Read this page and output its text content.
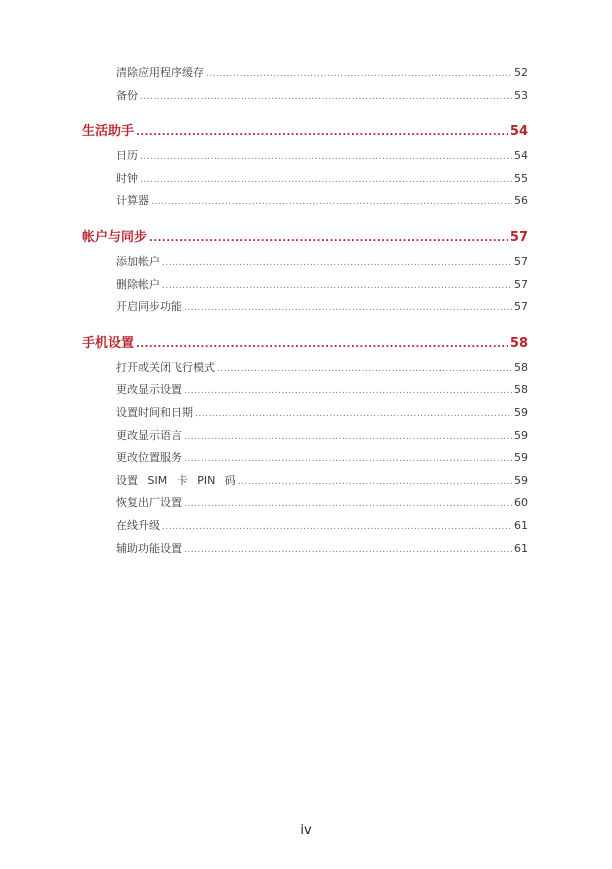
清除应用程序缓存 .....	52
备份 .....	53
生活助手 .....	54
日历 .....	54
时钟 .....	55
计算器 .....	56
帐户与同步 .....	57
添加帐户 .....	57
删除帐户 .....	57
开启同步功能 .....	57
手机设置 .....	58
打开或关闭飞行模式 .....	58
更改显示设置 .....	58
设置时间和日期 .....	59
更改显示语言 .....	59
更改位置服务 .....	59
设置 SIM 卡 PIN 码 .....	59
恢复出厂设置 .....	60
在线升级 .....	61
辅助功能设置 .....	61
iv
